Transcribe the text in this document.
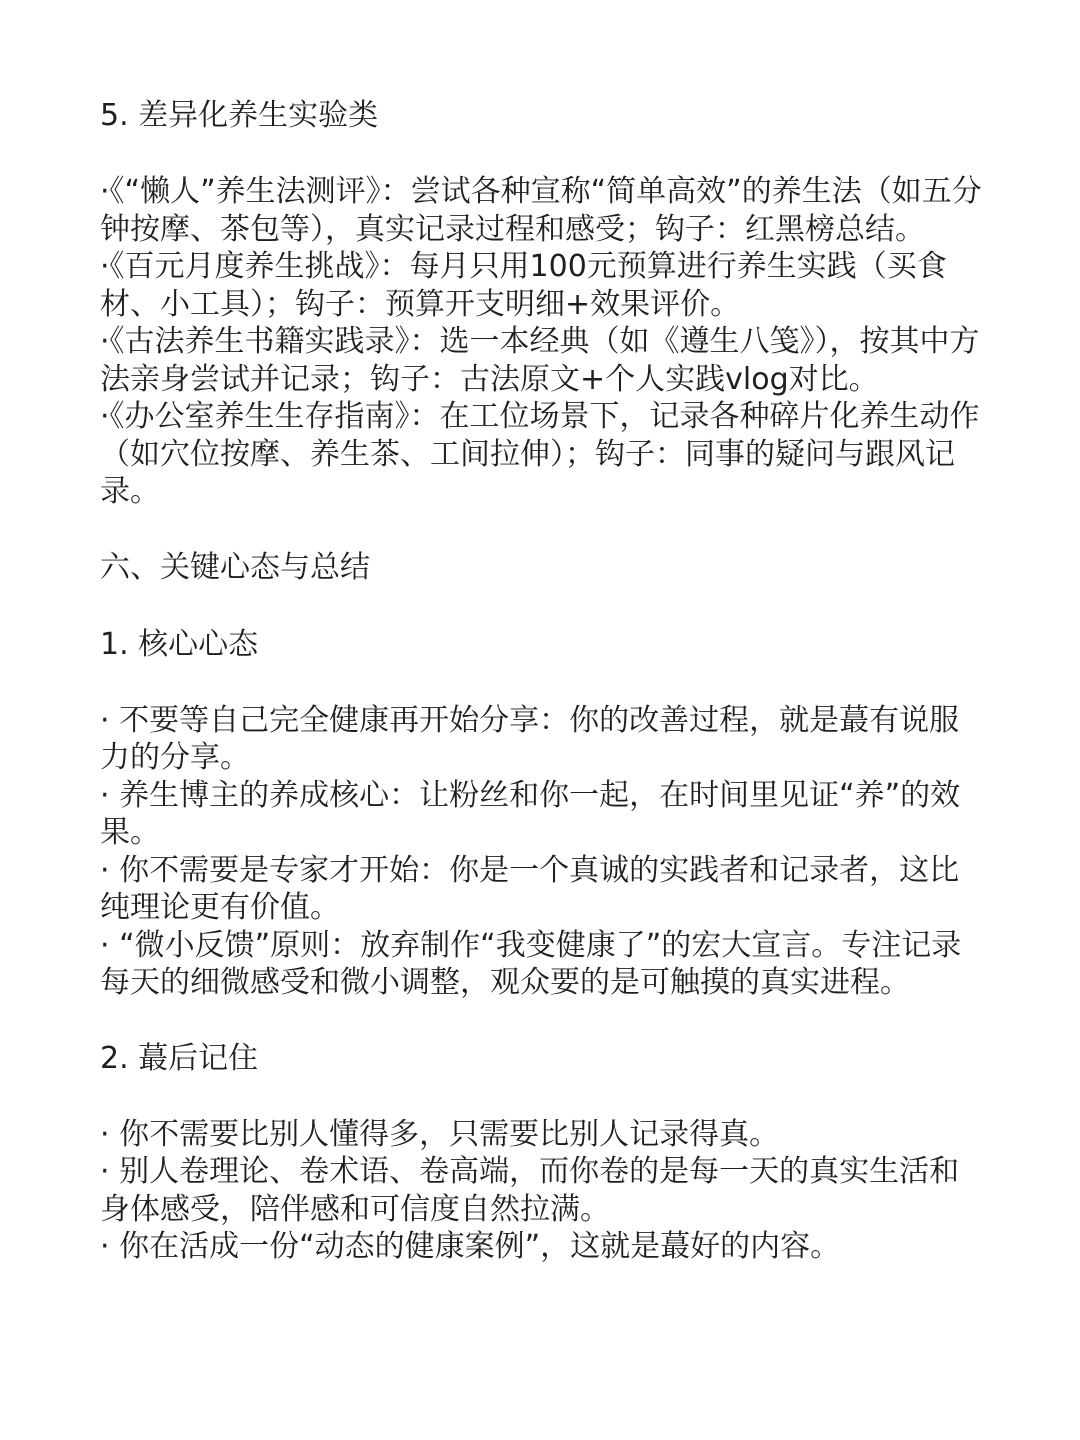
5. 差异化养生实验类

·《“懒人”养生法测评》：尝试各种宣称“简单高效”的养生法（如五分钟按摩、茶包等），真实记录过程和感受；钩子：红黑榜总结。

·《百元月度养生挑战》：每月只用100元预算进行养生实践（买食材、小工具）；钩子：预算开支明细+效果评价。

·《古法养生书籍实践录》：选一本经典（如《遵生八笺》），按其中方法亲身尝试并记录；钩子：古法原文+个人实践vlog对比。

·《办公室养生生存指南》：在工位场景下，记录各种碎片化养生动作（如穴位按摩、养生茶、工间拉伸）；钩子：同事的疑问与跟风记录。

六、关键心态与总结

1. 核心心态

· 不要等自己完全健康再开始分享：你的改善过程，就是蕞有说服力的分享。

· 养生博主的养成核心：让粉丝和你一起，在时间里见证“养”的效果。

· 你不需要是专家才开始：你是一个真诚的实践者和记录者，这比纯理论更有价值。

· “微小反馈”原则：放弃制作“我变健康了”的宏大宣言。专注记录每天的细微感受和微小调整，观众要的是可触摸的真实进程。

2. 蕞后记住

· 你不需要比别人懂得多，只需要比别人记录得真。

· 别人卷理论、卷术语、卷高端，而你卷的是每一天的真实生活和身体感受，陪伴感和可信度自然拉满。

· 你在活成一份“动态的健康案例”，这就是蕞好的内容。
